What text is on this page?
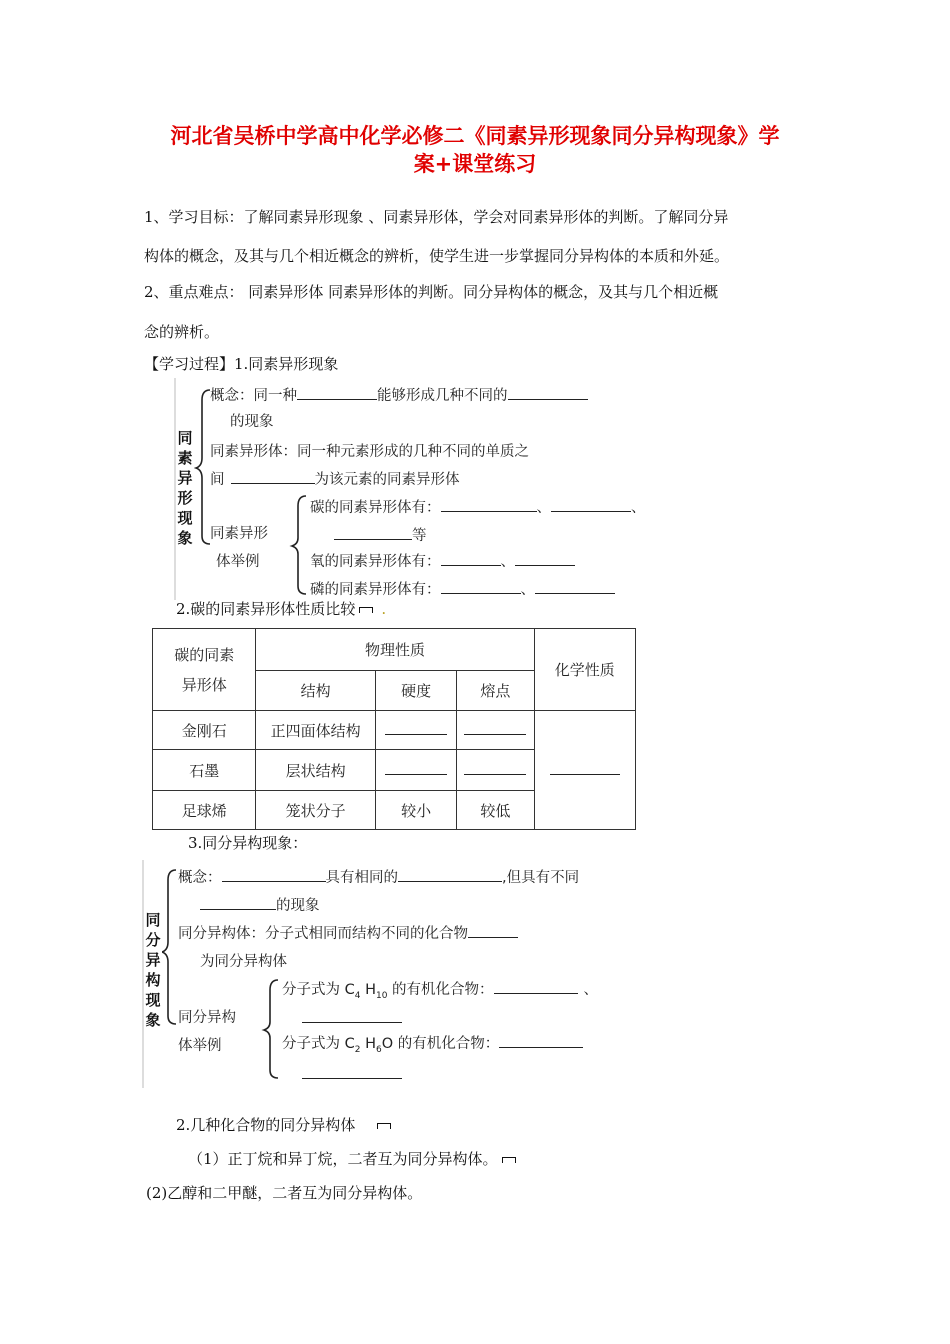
河北省吴桥中学高中化学必修二《同素异形现象同分异构现象》学
案+课堂练习
1、学习目标：了解同素异形现象 、同素异形体，学会对同素异形体的判断。了解同分异
构体的概念，及其与几个相近概念的辨析，使学生进一步掌握同分异构体的本质和外延。
2、重点难点： 同素异形体 同素异形体的判断。同分异构体的概念，及其与几个相近概
念的辨析。
【学习过程】1.同素异形现象
同
素
异
形
现
象
概念：同一种	能够形成几种不同的
的现象
同素异形体：同一种元素形成的几种不同的单质之
间	为该元素的同素异形体
同素异形
体举例
碳的同素异形体有：	、	、
等
氧的同素异形体有：	、
磷的同素异形体有：	、
2.碳的同素异形体性质比较 .
碳的同素
异形体	物理性质			化学性质
	结构	硬度	熔点	
金刚石	正四面体结构			
石墨	层状结构			
足球烯	笼状分子	较小	较低	
3.同分异构现象：
同
分
异
构
现
象
概念：	具有相同的	,但具有不同
的现象
同分异构体：分子式相同而结构不同的化合物
为同分异构体
同分异构
体举例
分子式为 $C_4$ $H_{10}$ 的有机化合物：	、
分子式为 $C_2$ $H_6O$ 的有机化合物：
2.几种化合物的同分异构体
（1）正丁烷和异丁烷，二者互为同分异构体。
(2)乙醇和二甲醚，二者互为同分异构体。
